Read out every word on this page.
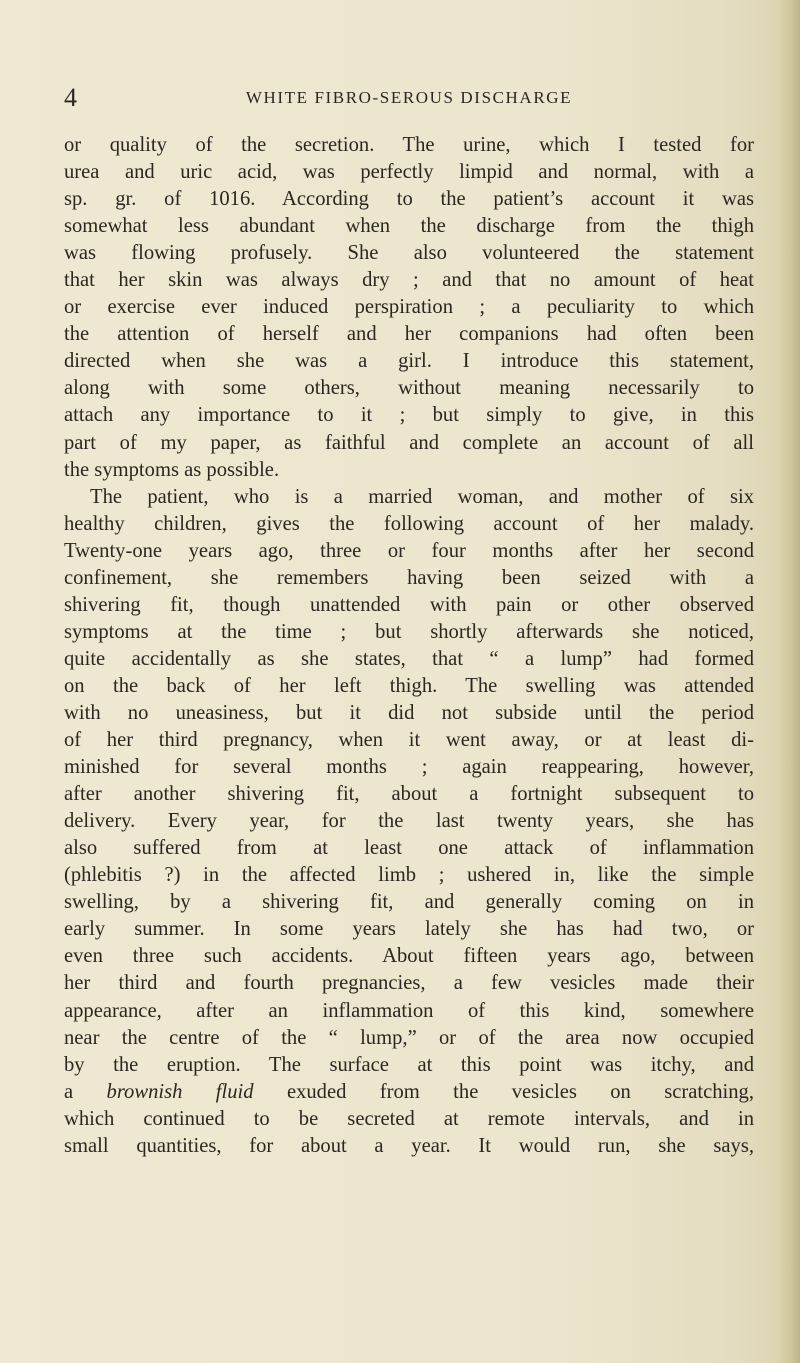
4	WHITE FIBRO-SEROUS DISCHARGE
or quality of the secretion. The urine, which I tested for
urea and uric acid, was perfectly limpid and normal, with a
sp. gr. of 1016. According to the patient’s account it was
somewhat less abundant when the discharge from the thigh
was flowing profusely. She also volunteered the statement
that her skin was always dry ; and that no amount of heat
or exercise ever induced perspiration ; a peculiarity to which
the attention of herself and her companions had often been
directed when she was a girl. I introduce this statement,
along with some others, without meaning necessarily to
attach any importance to it ; but simply to give, in this
part of my paper, as faithful and complete an account of all
the symptoms as possible.
The patient, who is a married woman, and mother of six
healthy children, gives the following account of her malady.
Twenty-one years ago, three or four months after her second
confinement, she remembers having been seized with a
shivering fit, though unattended with pain or other observed
symptoms at the time ; but shortly afterwards she noticed,
quite accidentally as she states, that “ a lump” had formed
on the back of her left thigh. The swelling was attended
with no uneasiness, but it did not subside until the period
of her third pregnancy, when it went away, or at least di-
minished for several months ; again reappearing, however,
after another shivering fit, about a fortnight subsequent to
delivery. Every year, for the last twenty years, she has
also suffered from at least one attack of inflammation
(phlebitis ?) in the affected limb ; ushered in, like the simple
swelling, by a shivering fit, and generally coming on in
early summer. In some years lately she has had two, or
even three such accidents. About fifteen years ago, between
her third and fourth pregnancies, a few vesicles made their
appearance, after an inflammation of this kind, somewhere
near the centre of the “ lump,” or of the area now occupied
by the eruption. The surface at this point was itchy, and
a brownish fluid exuded from the vesicles on scratching,
which continued to be secreted at remote intervals, and in
small quantities, for about a year. It would run, she says,
